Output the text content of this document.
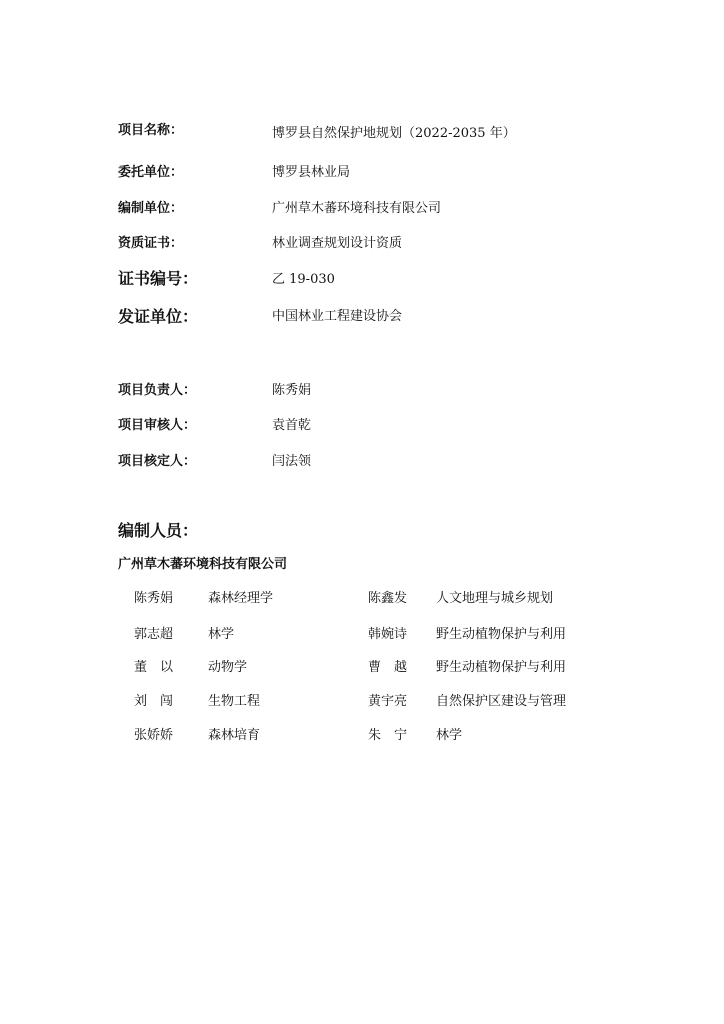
项目名称：	博罗县自然保护地规划（2022-2035 年）
委托单位：	博罗县林业局
编制单位：	广州草木蕃环境科技有限公司
资质证书：	林业调查规划设计资质
证书编号：	乙 19-030
发证单位：	中国林业工程建设协会
项目负责人：	陈秀娟
项目审核人：	袁首乾
项目核定人：	闫法领
编制人员：
广州草木蕃环境科技有限公司
陈秀娟	森林经理学	陈鑫发 人文地理与城乡规划
郭志超	林学	韩婉诗 野生动植物保护与利用
董　以	动物学	曹　越 野生动植物保护与利用
刘　闯	生物工程	黄宇亮 自然保护区建设与管理
张娇娇	森林培育	朱　宁 林学
